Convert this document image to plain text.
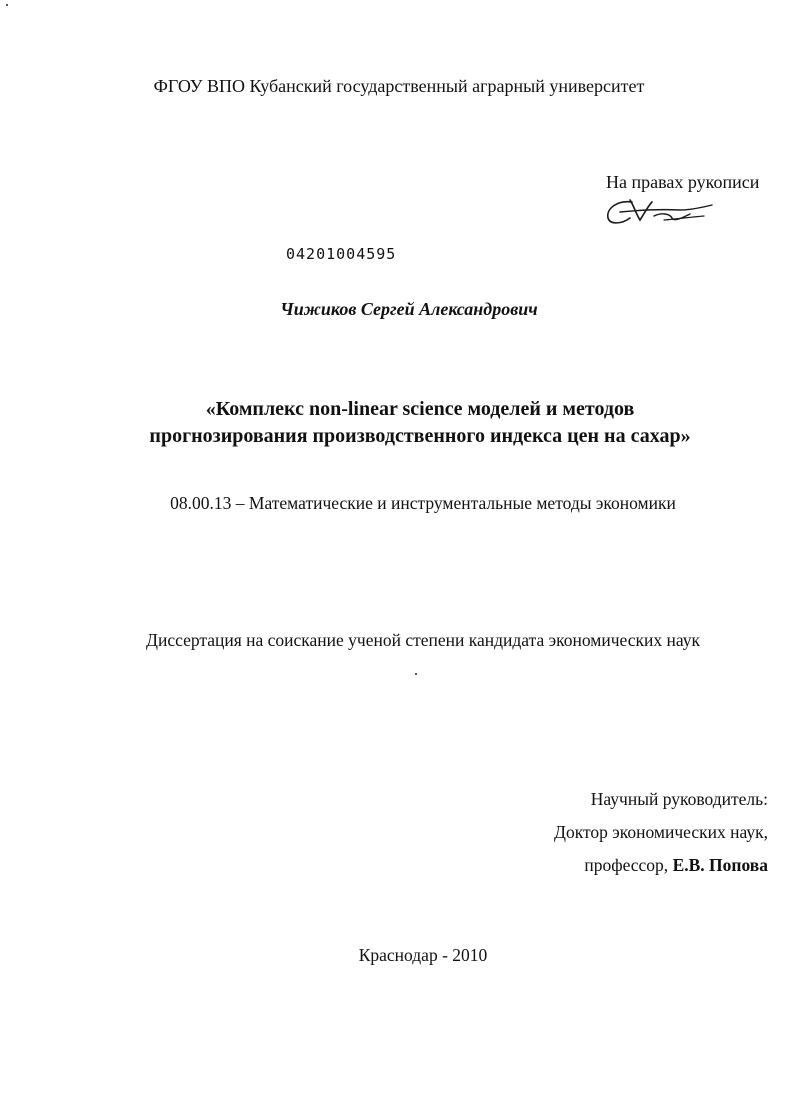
ФГОУ ВПО Кубанский государственный аграрный университет
На правах рукописи
04201004595
Чижиков Сергей Александрович
«Комплекс non-linear science моделей и методов
прогнозирования производственного индекса цен на сахар»
08.00.13 – Математические и инструментальные методы экономики
Диссертация на соискание ученой степени кандидата экономических наук
Научный руководитель:
Доктор экономических наук,
профессор, Е.В. Попова
Краснодар - 2010
